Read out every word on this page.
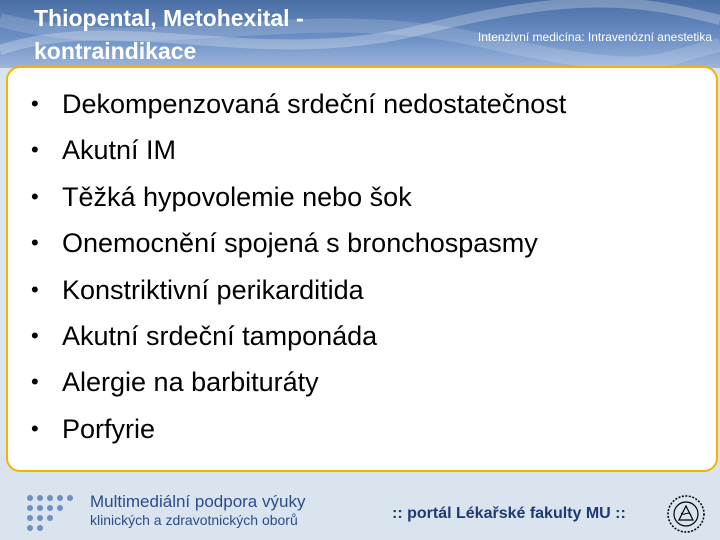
Thiopental, Metohexital - kontraindikace
Intenzivní medicína: Intravenózní anestetika
• Dekompenzovaná srdeční nedostatečnost
• Akutní IM
• Těžká hypovolemie nebo šok
• Onemocnění spojená s bronchospasmy
• Konstriktivní perikarditida
• Akutní srdeční tamponáda
• Alergie na barbituráty
• Porfyrie
Multimediální podpora výuky
klinických a zdravotnických oborů	:: portál Lékařské fakulty MU ::
